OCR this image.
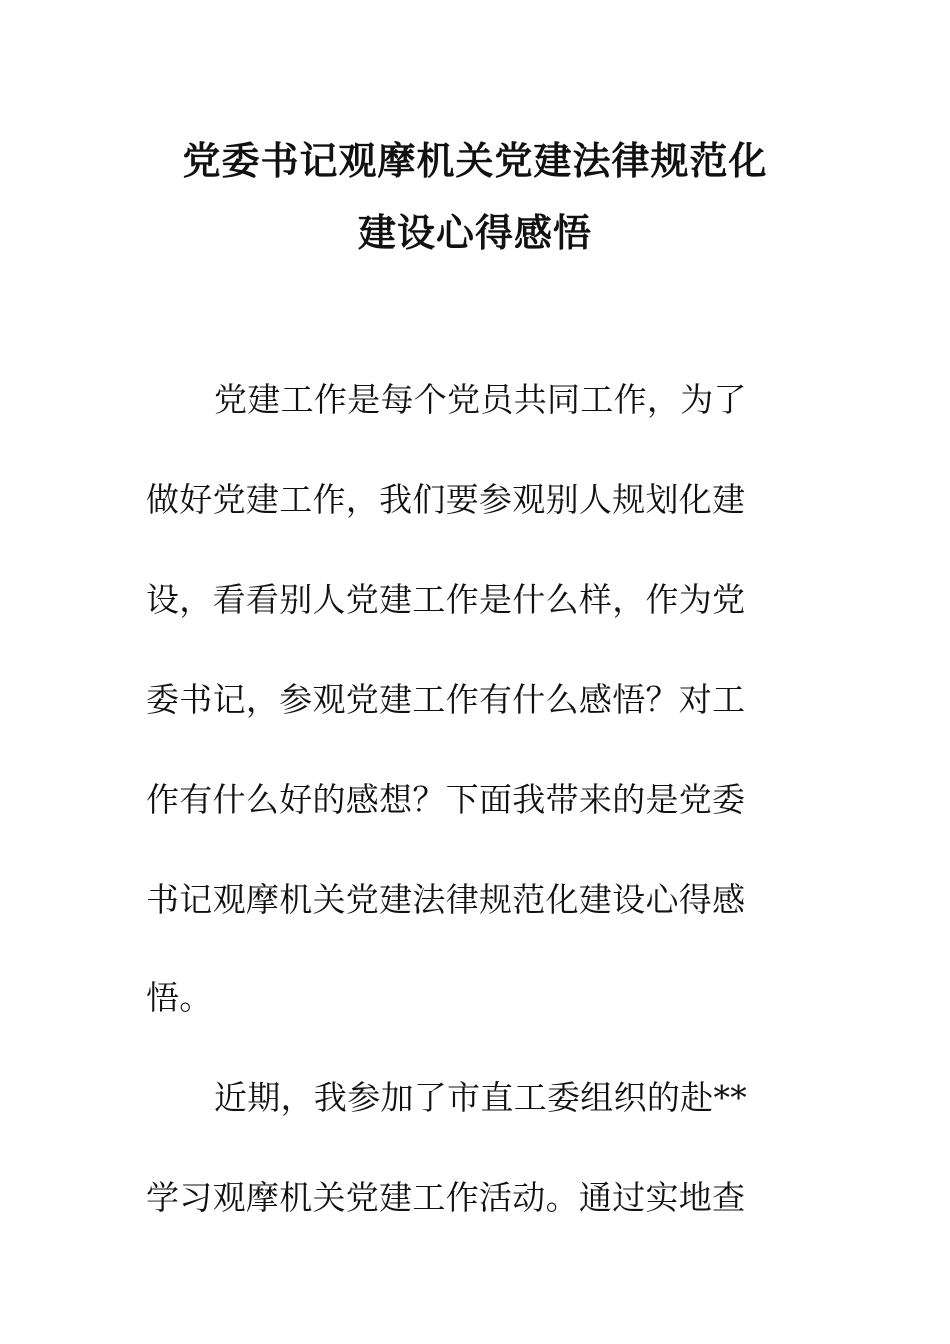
党委书记观摩机关党建法律规范化
建设心得感悟
党建工作是每个党员共同工作，为了
做好党建工作，我们要参观别人规划化建
设，看看别人党建工作是什么样，作为党
委书记，参观党建工作有什么感悟？对工
作有什么好的感想？下面我带来的是党委
书记观摩机关党建法律规范化建设心得感
悟。
近期，我参加了市直工委组织的赴**
学习观摩机关党建工作活动。通过实地查
